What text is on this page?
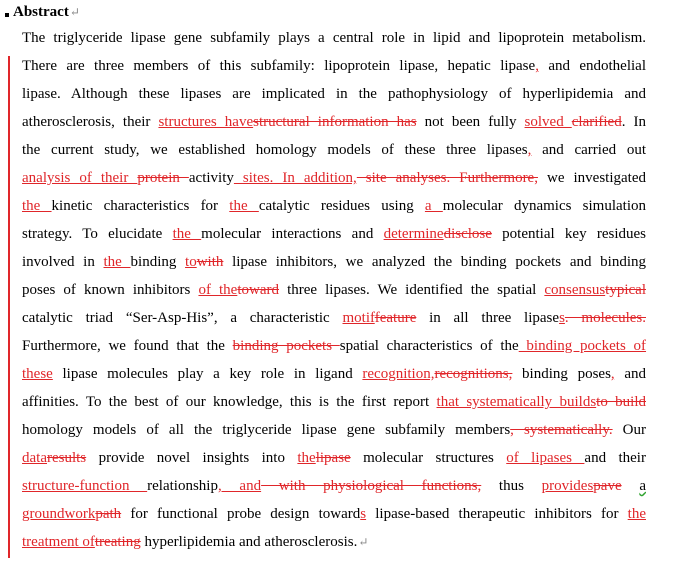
Abstract↵
The triglyceride lipase gene subfamily plays a central role in lipid and lipoprotein metabolism.
There are three members of this subfamily: lipoprotein lipase, hepatic lipase, and endothelial
lipase. Although these lipases are implicated in the pathophysiology of hyperlipidemia and
atherosclerosis, their structures havestructural information has not been fully solved clarified. In
the current study, we established homology models of these three lipases, and carried out
analysis of their protein activity sites. In addition, site analyses. Furthermore, we investigated
the kinetic characteristics for the catalytic residues using a molecular dynamics simulation
strategy. To elucidate the molecular interactions and determinedisclose potential key residues
involved in the binding towith lipase inhibitors, we analyzed the binding pockets and binding
poses of known inhibitors of thetoward three lipases. We identified the spatial consensustypical
catalytic triad “Ser-Asp-His”, a characteristic motiffeature in all three lipases. molecules.
Furthermore, we found that the binding pockets spatial characteristics of the binding pockets of
these lipase molecules play a key role in ligand recognition,recognitions, binding poses, and
affinities. To the best of our knowledge, this is the first report that systematically buildsto build
homology models of all the triglyceride lipase gene subfamily members, systematically. Our
dataresults provide novel insights into thelipase molecular structures of lipases and their
structure-function relationship, and with physiological functions, thus providespave a
groundworkpath for functional probe design towards lipase-based therapeutic inhibitors for the
treatment oftreating hyperlipidemia and atherosclerosis.↵
